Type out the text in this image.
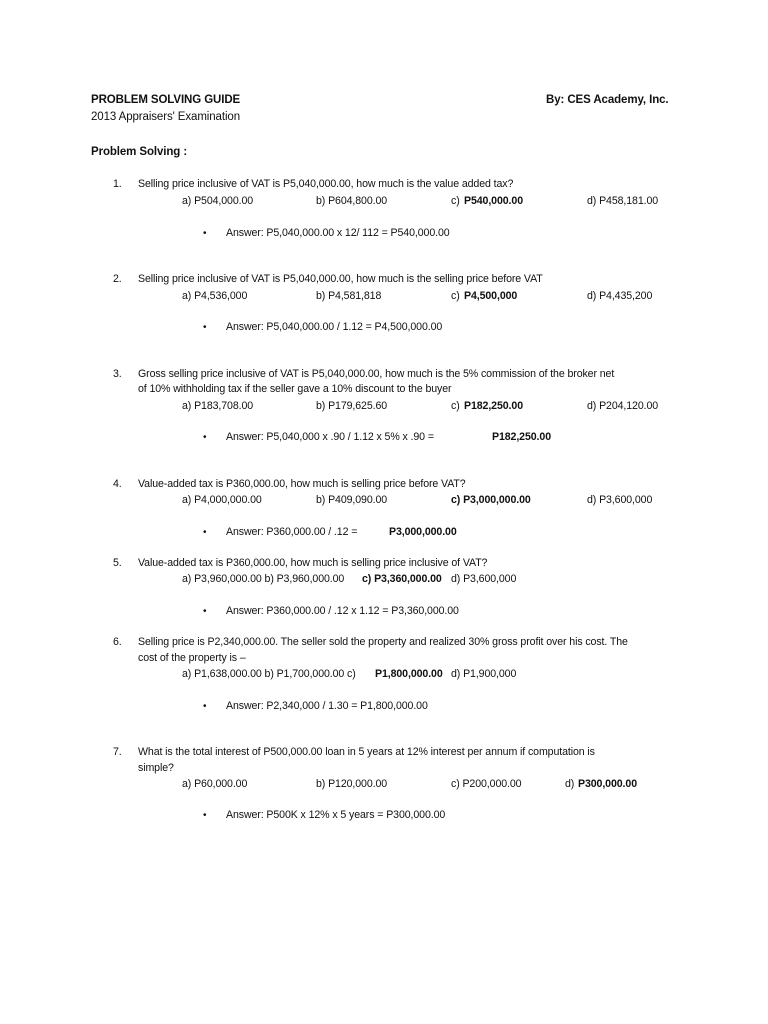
PROBLEM SOLVING GUIDE	By: CES Academy, Inc.
2013 Appraisers' Examination
Problem Solving :
1. Selling price inclusive of VAT is P5,040,000.00, how much is the value added tax?
a) P504,000.00	b) P604,800.00	c) P540,000.00	d) P458,181.00
• Answer: P5,040,000.00 x 12/ 112 = P540,000.00
2. Selling price inclusive of VAT is P5,040,000.00, how much is the selling price before VAT
a) P4,536,000	b) P4,581,818	c) P4,500,000	d) P4,435,200
• Answer: P5,040,000.00 / 1.12 = P4,500,000.00
3. Gross selling price inclusive of VAT is P5,040,000.00, how much is the 5% commission of the broker net
of 10% withholding tax if the seller gave a 10% discount to the buyer
a) P183,708.00	b) P179,625.60	c) P182,250.00	d) P204,120.00
• Answer: P5,040,000 x .90 / 1.12 x 5% x .90 =	P182,250.00
4. Value-added tax is P360,000.00, how much is selling price before VAT?
a) P4,000,000.00	b) P409,090.00	c) P3,000,000.00	d) P3,600,000
• Answer: P360,000.00 / .12 =	P3,000,000.00
5. Value-added tax is P360,000.00, how much is selling price inclusive of VAT?
a) P3,960,000.00 b) P3,960,000.00 c) P3,360,000.00 d) P3,600,000
• Answer: P360,000.00 / .12 x 1.12 = P3,360,000.00
6. Selling price is P2,340,000.00. The seller sold the property and realized 30% gross profit over his cost. The
cost of the property is –
a) P1,638,000.00 b) P1,700,000.00 c) P1,800,000.00 d) P1,900,000
• Answer: P2,340,000 / 1.30 = P1,800,000.00
7. What is the total interest of P500,000.00 loan in 5 years at 12% interest per annum if computation is
simple?
a) P60,000.00	b) P120,000.00	c) P200,000.00	d) P300,000.00
• Answer: P500K x 12% x 5 years = P300,000.00
